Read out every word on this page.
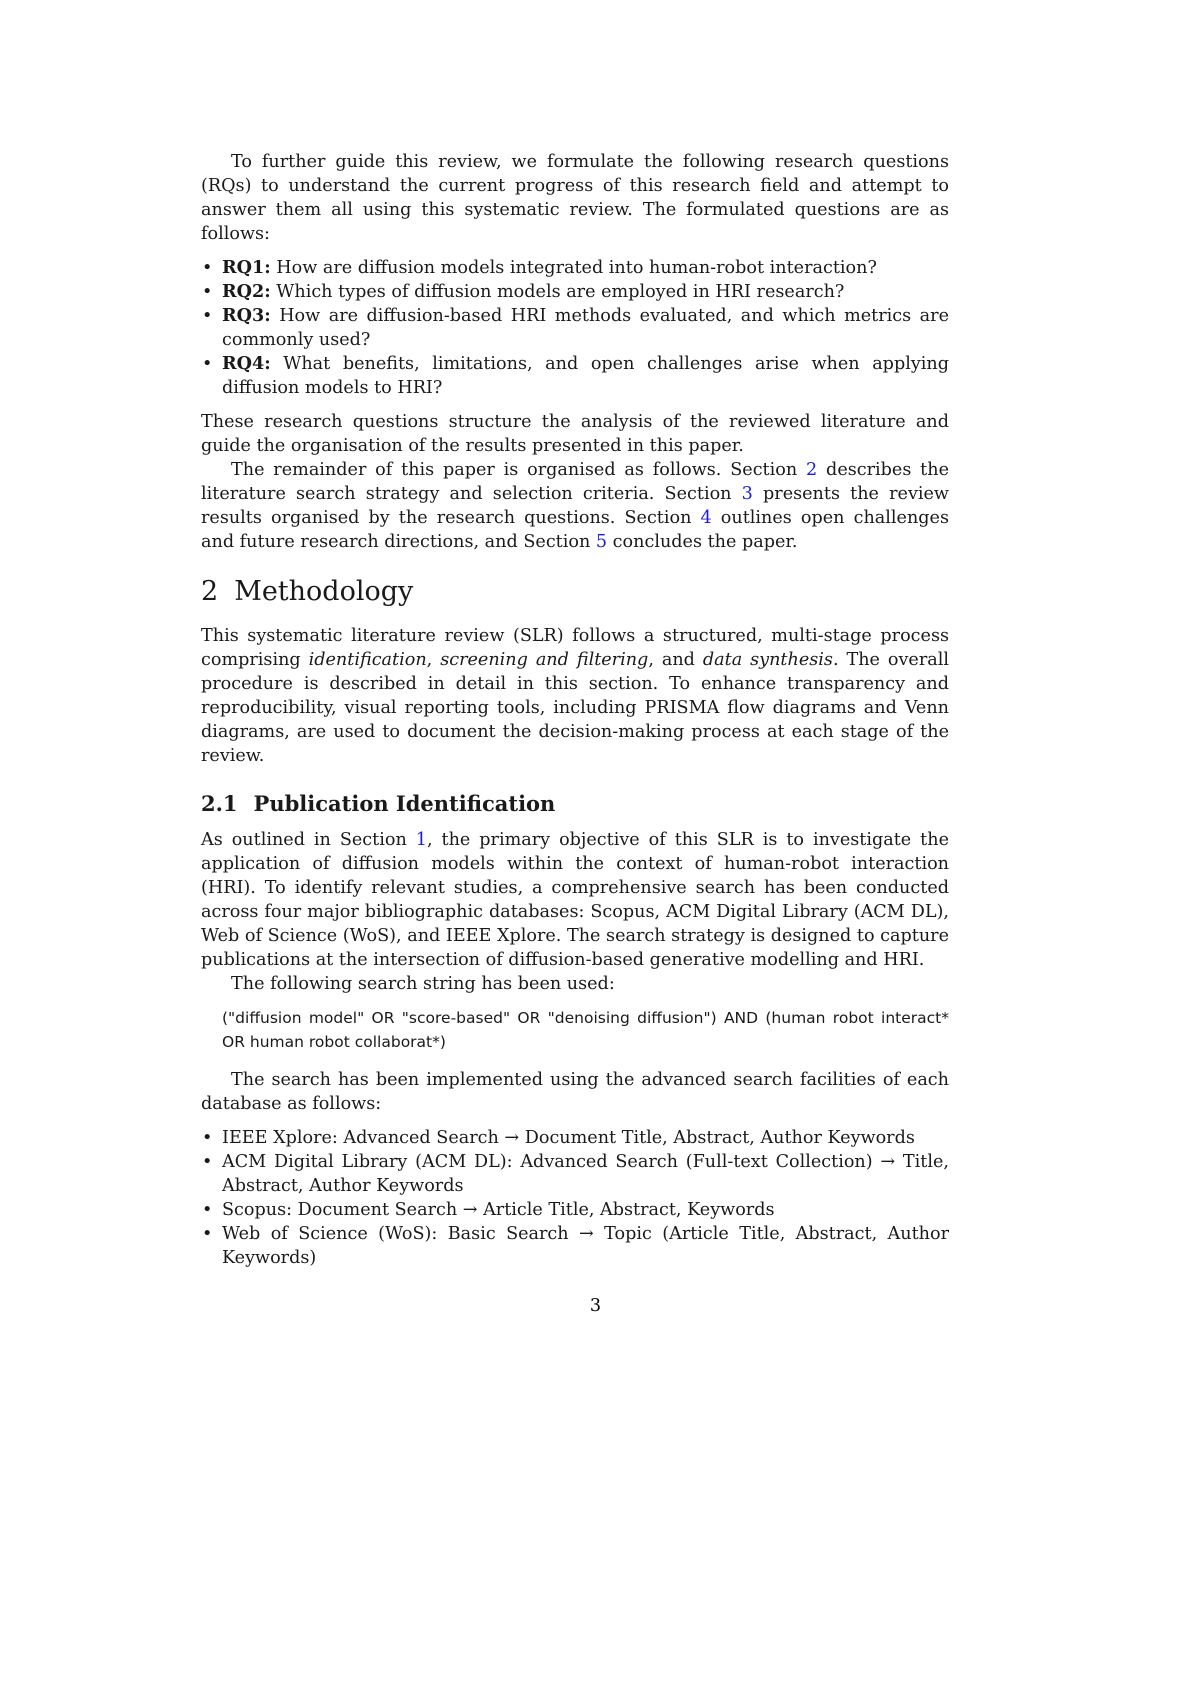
To further guide this review, we formulate the following research questions (RQs) to understand the current progress of this research field and attempt to answer them all using this systematic review. The formulated questions are as follows:

• RQ1: How are diffusion models integrated into human-robot interaction?
• RQ2: Which types of diffusion models are employed in HRI research?
• RQ3: How are diffusion-based HRI methods evaluated, and which metrics are commonly used?
• RQ4: What benefits, limitations, and open challenges arise when applying diffusion models to HRI?

These research questions structure the analysis of the reviewed literature and guide the organisation of the results presented in this paper.

The remainder of this paper is organised as follows. Section 2 describes the literature search strategy and selection criteria. Section 3 presents the review results organised by the research questions. Section 4 outlines open challenges and future research directions, and Section 5 concludes the paper.

2 Methodology

This systematic literature review (SLR) follows a structured, multi-stage process comprising identification, screening and filtering, and data synthesis. The overall procedure is described in detail in this section. To enhance transparency and reproducibility, visual reporting tools, including PRISMA flow diagrams and Venn diagrams, are used to document the decision-making process at each stage of the review.

2.1 Publication Identification

As outlined in Section 1, the primary objective of this SLR is to investigate the application of diffusion models within the context of human-robot interaction (HRI). To identify relevant studies, a comprehensive search has been conducted across four major bibliographic databases: Scopus, ACM Digital Library (ACM DL), Web of Science (WoS), and IEEE Xplore. The search strategy is designed to capture publications at the intersection of diffusion-based generative modelling and HRI.

The following search string has been used:

("diffusion model" OR "score-based" OR "denoising diffusion") AND (human robot interact* OR human robot collaborat*)

The search has been implemented using the advanced search facilities of each database as follows:

• IEEE Xplore: Advanced Search → Document Title, Abstract, Author Keywords
• ACM Digital Library (ACM DL): Advanced Search (Full-text Collection) → Title, Abstract, Author Keywords
• Scopus: Document Search → Article Title, Abstract, Keywords
• Web of Science (WoS): Basic Search → Topic (Article Title, Abstract, Author Keywords)
3
